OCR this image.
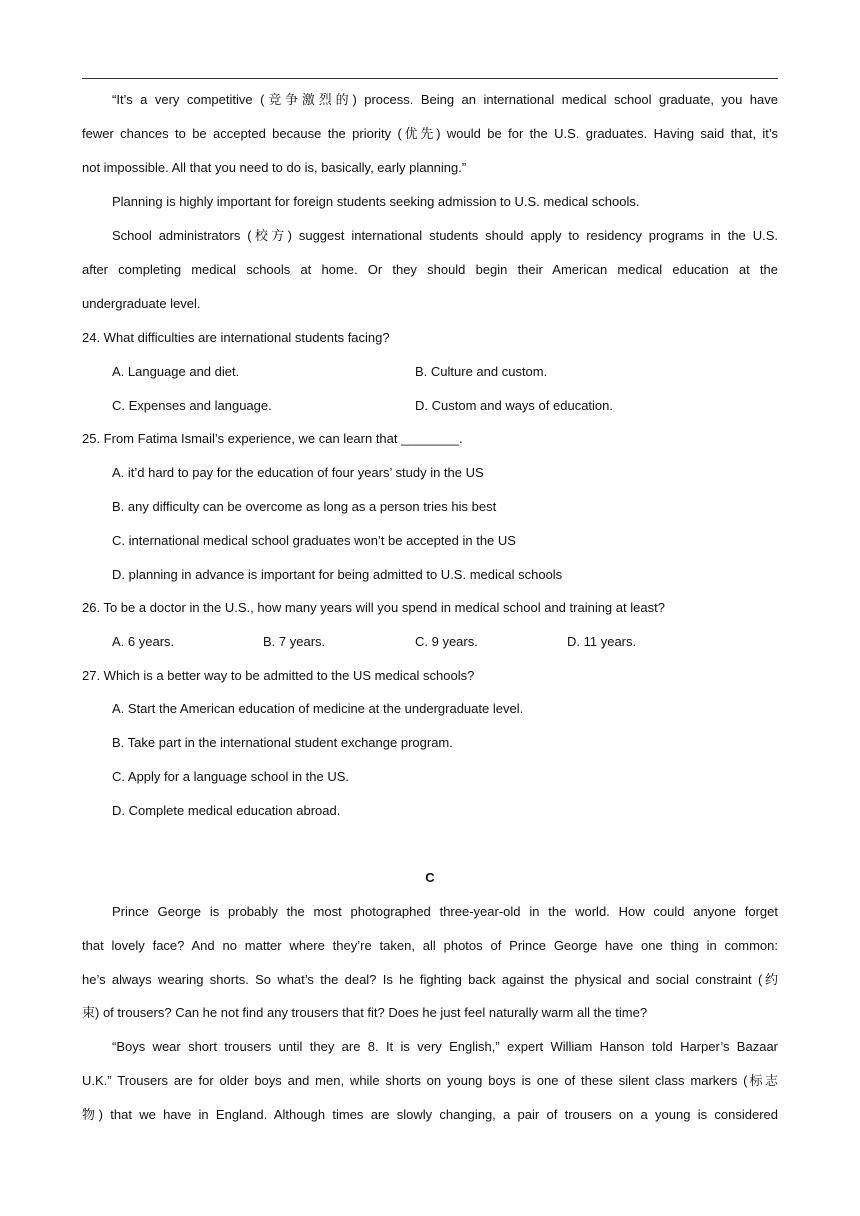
“It’s a very competitive (竞争激烈的) process. Being an international medical school graduate, you have
fewer chances to be accepted because the priority (优先) would be for the U.S. graduates. Having said that, it’s
not impossible. All that you need to do is, basically, early planning.”
Planning is highly important for foreign students seeking admission to U.S. medical schools.
School administrators (校方) suggest international students should apply to residency programs in the U.S.
after completing medical schools at home. Or they should begin their American medical education at the
undergraduate level.
24. What difficulties are international students facing?
A. Language and diet.	B. Culture and custom.
C. Expenses and language.	D. Custom and ways of education.
25. From Fatima Ismail’s experience, we can learn that ________.
A. it’d hard to pay for the education of four years’ study in the US
B. any difficulty can be overcome as long as a person tries his best
C. international medical school graduates won’t be accepted in the US
D. planning in advance is important for being admitted to U.S. medical schools
26. To be a doctor in the U.S., how many years will you spend in medical school and training at least?
A. 6 years.	B. 7 years.	C. 9 years.	D. 11 years.
27. Which is a better way to be admitted to the US medical schools?
A. Start the American education of medicine at the undergraduate level.
B. Take part in the international student exchange program.
C. Apply for a language school in the US.
D. Complete medical education abroad.
C
Prince George is probably the most photographed three-year-old in the world. How could anyone forget
that lovely face? And no matter where they’re taken, all photos of Prince George have one thing in common:
he’s always wearing shorts. So what’s the deal? Is he fighting back against the physical and social constraint (约
束) of trousers? Can he not find any trousers that fit? Does he just feel naturally warm all the time?
“Boys wear short trousers until they are 8. It is very English,” expert William Hanson told Harper’s Bazaar
U.K.” Trousers are for older boys and men, while shorts on young boys is one of these silent class markers (标志
物) that we have in England. Although times are slowly changing, a pair of trousers on a young is considered
